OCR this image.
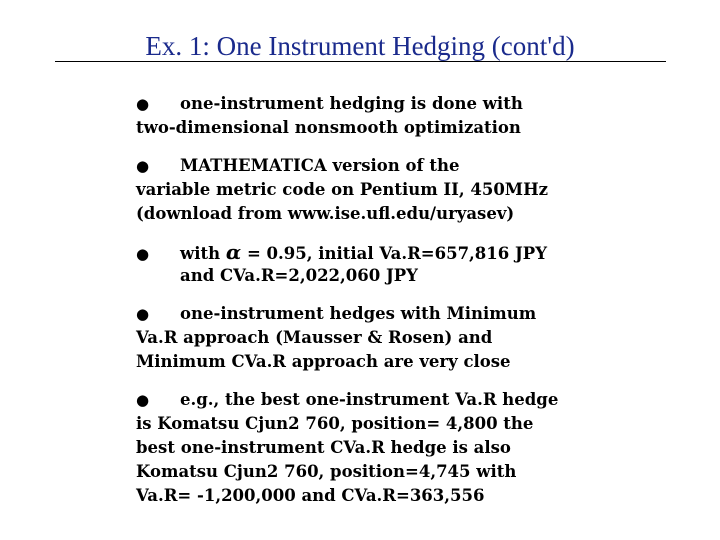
Ex. 1: One Instrument Hedging (cont'd)
● one-instrument hedging is done with
two-dimensional nonsmooth optimization
● MATHEMATICA version of the
variable metric code on Pentium II, 450MHz
(download from www.ise.ufl.edu/uryasev)
● with α = 0.95, initial Va.R=657,816 JPY
and CVa.R=2,022,060 JPY
● one-instrument hedges with Minimum
Va.R approach (Mausser & Rosen) and
Minimum CVa.R approach are very close
● e.g., the best one-instrument Va.R hedge
is Komatsu Cjun2 760, position= 4,800 the
best one-instrument CVa.R hedge is also
Komatsu Cjun2 760, position=4,745 with
Va.R= -1,200,000 and CVa.R=363,556
